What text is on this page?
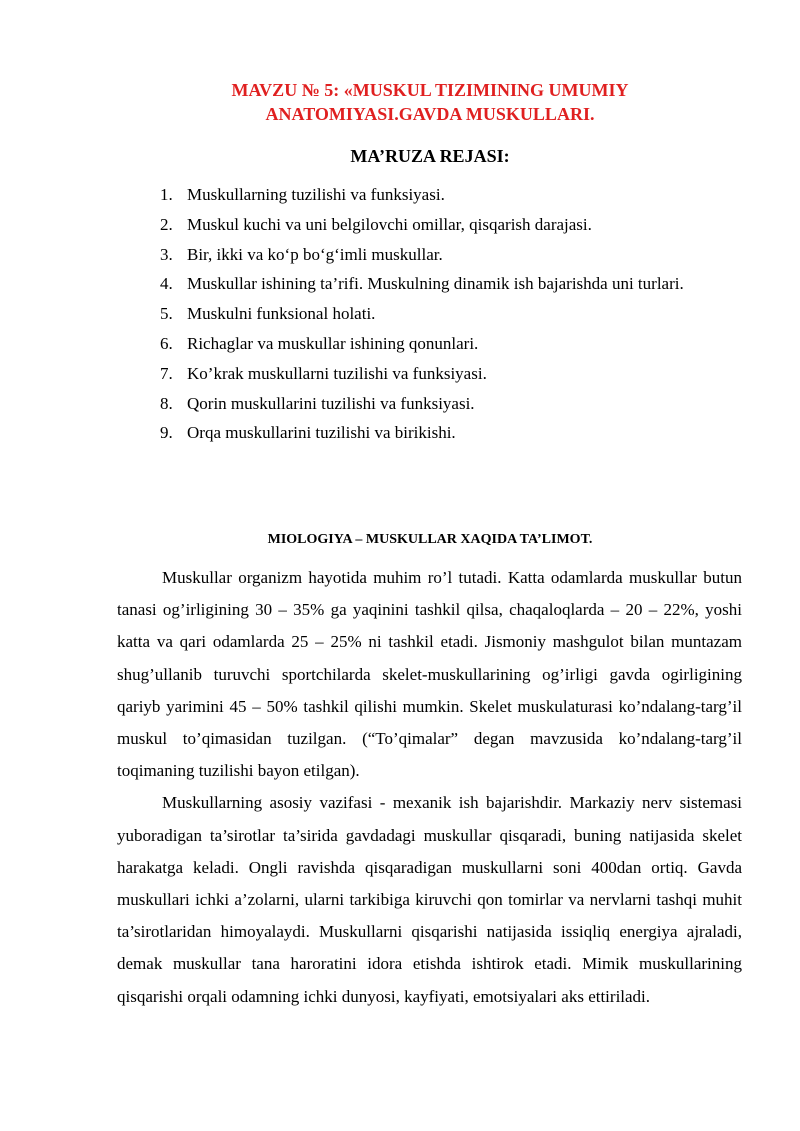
MAVZU № 5: «MUSKUL TIZIMINING UMUMIY
ANATOMIYASI.GAVDA MUSKULLARI.
MA’RUZA REJASI:
1. Muskullarning tuzilishi va funksiyasi.
2. Muskul kuchi va uni belgilovchi omillar, qisqarish darajasi.
3. Bir, ikki va ko‘p bo‘g‘imli muskullar.
4. Muskullar ishining ta’rifi. Muskulning dinamik ish bajarishda uni turlari.
5. Muskulni funksional holati.
6. Richaglar va muskullar ishining qonunlari.
7. Ko’krak muskullarni tuzilishi va funksiyasi.
8. Qorin muskullarini tuzilishi va funksiyasi.
9. Orqa muskullarini tuzilishi va birikishi.
MIOLOGIYA – MUSKULLAR XAQIDA TA’LIMOT.

Muskullar organizm hayotida muhim ro’l tutadi. Katta odamlarda muskullar butun tanasi og’irligining 30 – 35% ga yaqinini tashkil qilsa, chaqaloqlarda – 20 – 22%, yoshi katta va qari odamlarda 25 – 25% ni tashkil etadi. Jismoniy mashgulot bilan muntazam shug’ullanib turuvchi sportchilarda skelet-muskullarining og’irligi gavda ogirligining qariyb yarimini 45 – 50% tashkil qilishi mumkin. Skelet muskulaturasi ko’ndalang-targ’il muskul to’qimasidan tuzilgan. (“To’qimalar” degan mavzusida ko’ndalang-targ’il toqimaning tuzilishi bayon etilgan).

Muskullarning asosiy vazifasi - mexanik ish bajarishdir. Markaziy nerv sistemasi yuboradigan ta’sirotlar ta’sirida gavdadagi muskullar qisqaradi, buning natijasida skelet harakatga keladi. Ongli ravishda qisqaradigan muskullarni soni 400dan ortiq. Gavda muskullari ichki a’zolarni, ularni tarkibiga kiruvchi qon tomirlar va nervlarni tashqi muhit ta’sirotlaridan himoyalaydi. Muskullarni qisqarishi natijasida issiqliq energiya ajraladi, demak muskullar tana haroratini idora etishda ishtirok etadi. Mimik muskullarining qisqarishi orqali odamning ichki dunyosi, kayfiyati, emotsiyalari aks ettiriladi.
